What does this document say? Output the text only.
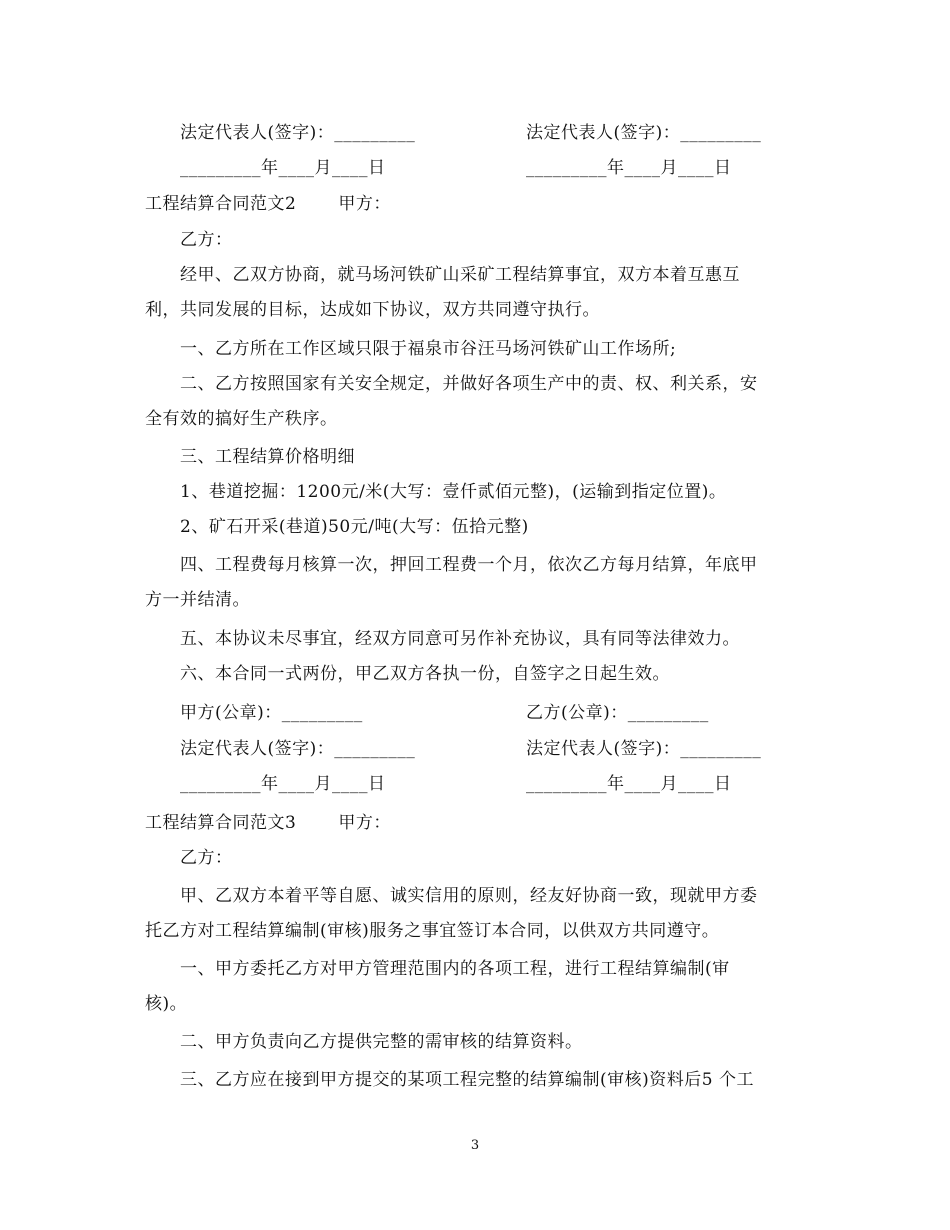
法定代表人(签字)：_________	法定代表人(签字)：_________
_________年____月____日	_________年____月____日
工程结算合同范文2 甲方：
乙方：
经甲、乙双方协商，就马场河铁矿山采矿工程结算事宜，双方本着互惠互
利，共同发展的目标，达成如下协议，双方共同遵守执行。
一、乙方所在工作区域只限于福泉市谷汪马场河铁矿山工作场所;
二、乙方按照国家有关安全规定，并做好各项生产中的责、权、利关系，安
全有效的搞好生产秩序。
三、工程结算价格明细
1、巷道挖掘：1200元/米(大写：壹仟贰佰元整)，(运输到指定位置)。
2、矿石开采(巷道)50元/吨(大写：伍拾元整)
四、工程费每月核算一次，押回工程费一个月，依次乙方每月结算，年底甲
方一并结清。
五、本协议未尽事宜，经双方同意可另作补充协议，具有同等法律效力。
六、本合同一式两份，甲乙双方各执一份，自签字之日起生效。
甲方(公章)：_________	乙方(公章)：_________
法定代表人(签字)：_________	法定代表人(签字)：_________
_________年____月____日	_________年____月____日
工程结算合同范文3 甲方：
乙方：
甲、乙双方本着平等自愿、诚实信用的原则，经友好协商一致，现就甲方委
托乙方对工程结算编制(审核)服务之事宜签订本合同，以供双方共同遵守。
一、甲方委托乙方对甲方管理范围内的各项工程，进行工程结算编制(审
核)。
二、甲方负责向乙方提供完整的需审核的结算资料。
三、乙方应在接到甲方提交的某项工程完整的结算编制(审核)资料后5 个工
3
